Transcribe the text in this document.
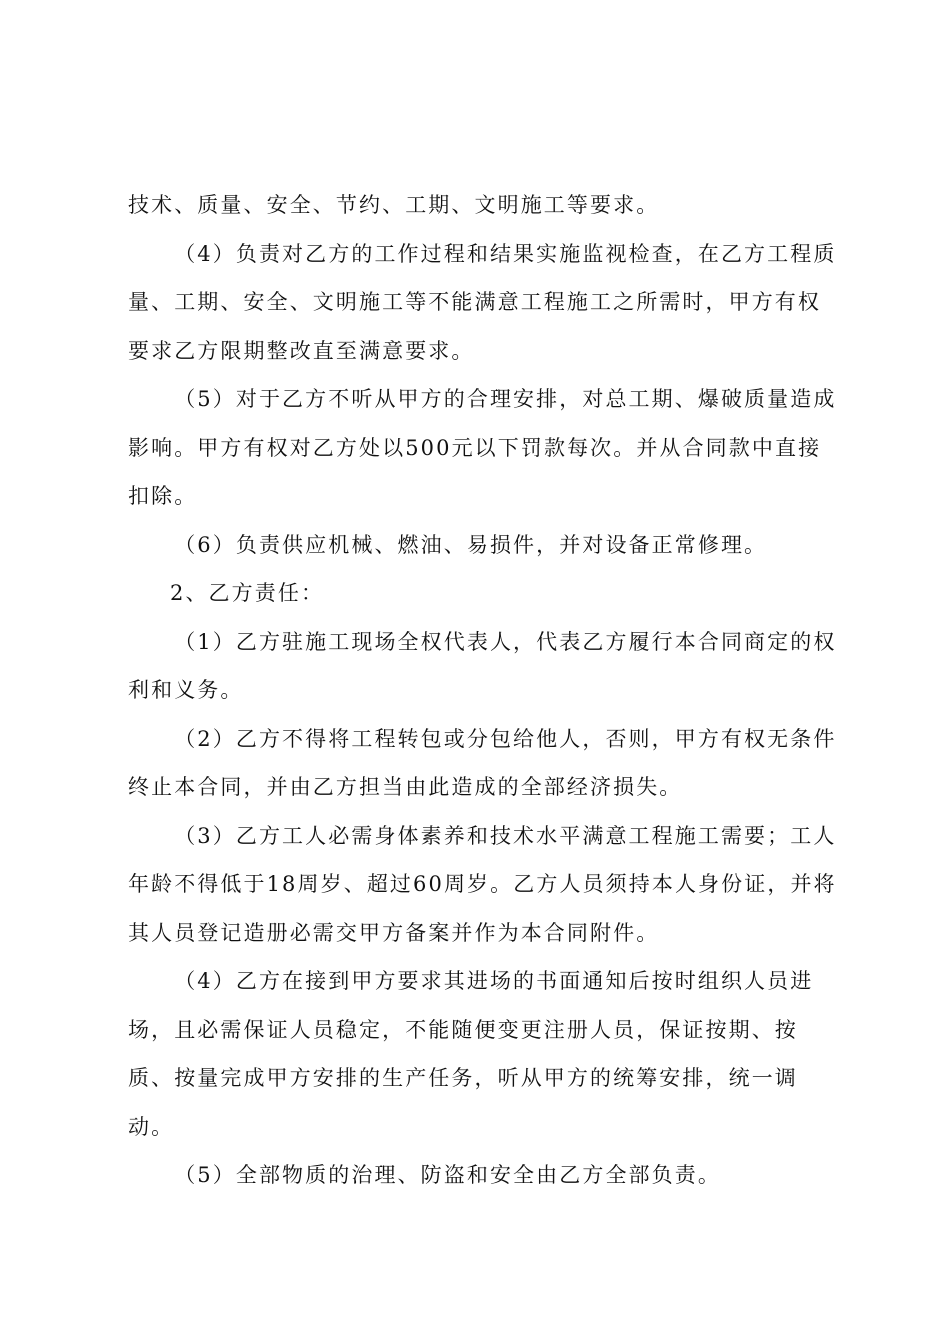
技术、质量、安全、节约、工期、文明施工等要求。

（4）负责对乙方的工作过程和结果实施监视检查，在乙方工程质量、工期、安全、文明施工等不能满意工程施工之所需时，甲方有权要求乙方限期整改直至满意要求。

（5）对于乙方不听从甲方的合理安排，对总工期、爆破质量造成影响。甲方有权对乙方处以500元以下罚款每次。并从合同款中直接扣除。

（6）负责供应机械、燃油、易损件，并对设备正常修理。

2、乙方责任：

（1）乙方驻施工现场全权代表人，代表乙方履行本合同商定的权利和义务。

（2）乙方不得将工程转包或分包给他人，否则，甲方有权无条件终止本合同，并由乙方担当由此造成的全部经济损失。

（3）乙方工人必需身体素养和技术水平满意工程施工需要；工人年龄不得低于18周岁、超过60周岁。乙方人员须持本人身份证，并将其人员登记造册必需交甲方备案并作为本合同附件。

（4）乙方在接到甲方要求其进场的书面通知后按时组织人员进场，且必需保证人员稳定，不能随便变更注册人员，保证按期、按质、按量完成甲方安排的生产任务，听从甲方的统筹安排，统一调动。

（5）全部物质的治理、防盗和安全由乙方全部负责。
